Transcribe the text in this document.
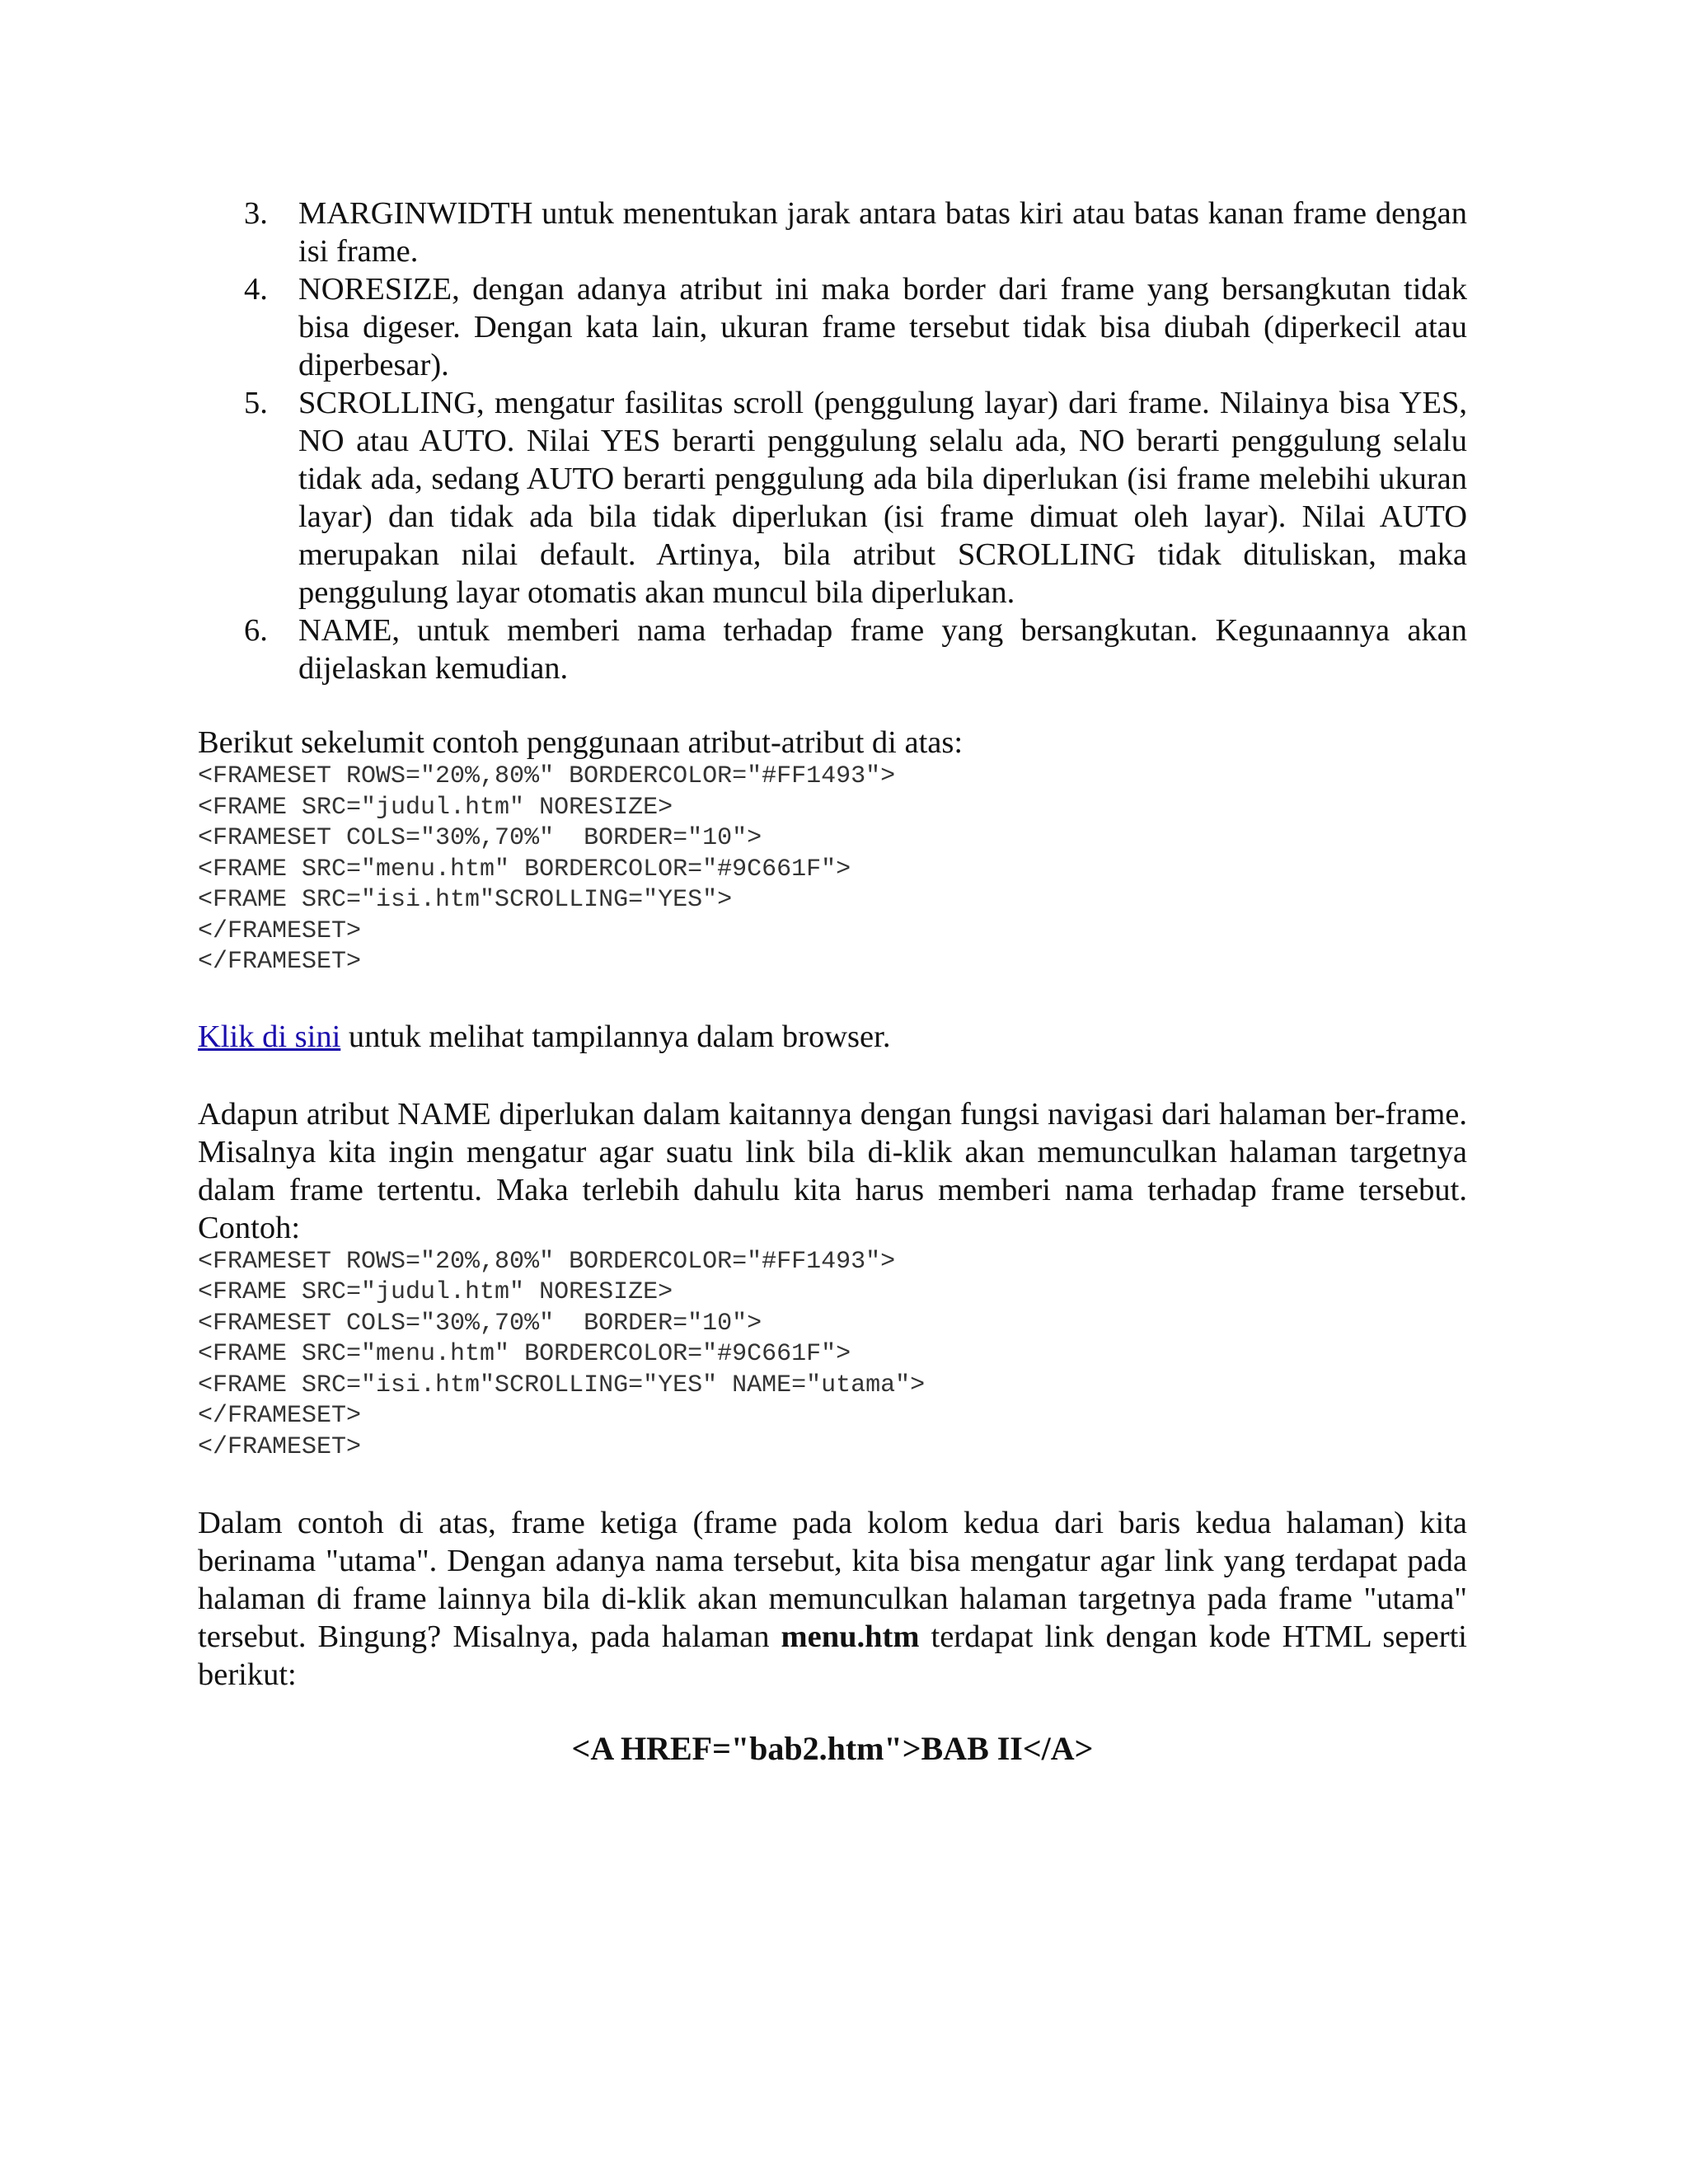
3. MARGINWIDTH untuk menentukan jarak antara batas kiri atau batas kanan frame dengan isi frame.
4. NORESIZE, dengan adanya atribut ini maka border dari frame yang bersangkutan tidak bisa digeser. Dengan kata lain, ukuran frame tersebut tidak bisa diubah (diperkecil atau diperbesar).
5. SCROLLING, mengatur fasilitas scroll (penggulung layar) dari frame. Nilainya bisa YES, NO atau AUTO. Nilai YES berarti penggulung selalu ada, NO berarti penggulung selalu tidak ada, sedang AUTO berarti penggulung ada bila diperlukan (isi frame melebihi ukuran layar) dan tidak ada bila tidak diperlukan (isi frame dimuat oleh layar). Nilai AUTO merupakan nilai default. Artinya, bila atribut SCROLLING tidak dituliskan, maka penggulung layar otomatis akan muncul bila diperlukan.
6. NAME, untuk memberi nama terhadap frame yang bersangkutan. Kegunaannya akan dijelaskan kemudian.

Berikut sekelumit contoh penggunaan atribut-atribut di atas:

<FRAMESET ROWS="20%,80%" BORDERCOLOR="#FF1493">
<FRAME SRC="judul.htm" NORESIZE>
<FRAMESET COLS="30%,70%"  BORDER="10">
<FRAME SRC="menu.htm" BORDERCOLOR="#9C661F">
<FRAME SRC="isi.htm"SCROLLING="YES">
</FRAMESET>
</FRAMESET>

Klik di sini untuk melihat tampilannya dalam browser.

Adapun atribut NAME diperlukan dalam kaitannya dengan fungsi navigasi dari halaman ber-frame. Misalnya kita ingin mengatur agar suatu link bila di-klik akan memunculkan halaman targetnya dalam frame tertentu. Maka terlebih dahulu kita harus memberi nama terhadap frame tersebut. Contoh:

<FRAMESET ROWS="20%,80%" BORDERCOLOR="#FF1493">
<FRAME SRC="judul.htm" NORESIZE>
<FRAMESET COLS="30%,70%"  BORDER="10">
<FRAME SRC="menu.htm" BORDERCOLOR="#9C661F">
<FRAME SRC="isi.htm"SCROLLING="YES" NAME="utama">
</FRAMESET>
</FRAMESET>

Dalam contoh di atas, frame ketiga (frame pada kolom kedua dari baris kedua halaman) kita berinama "utama". Dengan adanya nama tersebut, kita bisa mengatur agar link yang terdapat pada halaman di frame lainnya bila di-klik akan memunculkan halaman targetnya pada frame "utama" tersebut. Bingung? Misalnya, pada halaman menu.htm terdapat link dengan kode HTML seperti berikut:

<A HREF="bab2.htm">BAB II</A>
